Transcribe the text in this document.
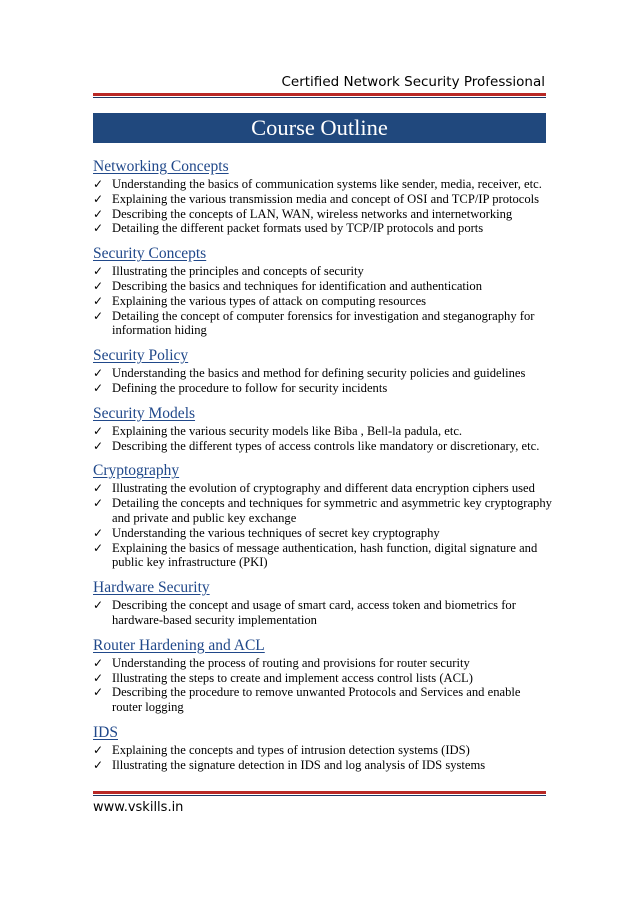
Certified Network Security Professional
Course Outline
Networking Concepts
✓ Understanding the basics of communication systems like sender, media, receiver, etc.
✓ Explaining the various transmission media and concept of OSI and TCP/IP protocols
✓ Describing the concepts of LAN, WAN, wireless networks and internetworking
✓ Detailing the different packet formats used by TCP/IP protocols and ports
Security Concepts
✓ Illustrating the principles and concepts of security
✓ Describing the basics and techniques for identification and authentication
✓ Explaining the various types of attack on computing resources
✓ Detailing the concept of computer forensics for investigation and steganography for information hiding
Security Policy
✓ Understanding the basics and method for defining security policies and guidelines
✓ Defining the procedure to follow for security incidents
Security Models
✓ Explaining the various security models like Biba , Bell-la padula, etc.
✓ Describing the different types of access controls like mandatory or discretionary, etc.
Cryptography
✓ Illustrating the evolution of cryptography and different data encryption ciphers used
✓ Detailing the concepts and techniques for symmetric and asymmetric key cryptography and private and public key exchange
✓ Understanding the various techniques of secret key cryptography
✓ Explaining the basics of message authentication, hash function, digital signature and public key infrastructure (PKI)
Hardware Security
✓ Describing the concept and usage of smart card, access token and biometrics for hardware-based security implementation
Router Hardening and ACL
✓ Understanding the process of routing and provisions for router security
✓ Illustrating the steps to create and implement access control lists (ACL)
✓ Describing the procedure to remove unwanted Protocols and Services and enable router logging
IDS
✓ Explaining the concepts and types of intrusion detection systems (IDS)
✓ Illustrating the signature detection in IDS and log analysis of IDS systems
www.vskills.in
